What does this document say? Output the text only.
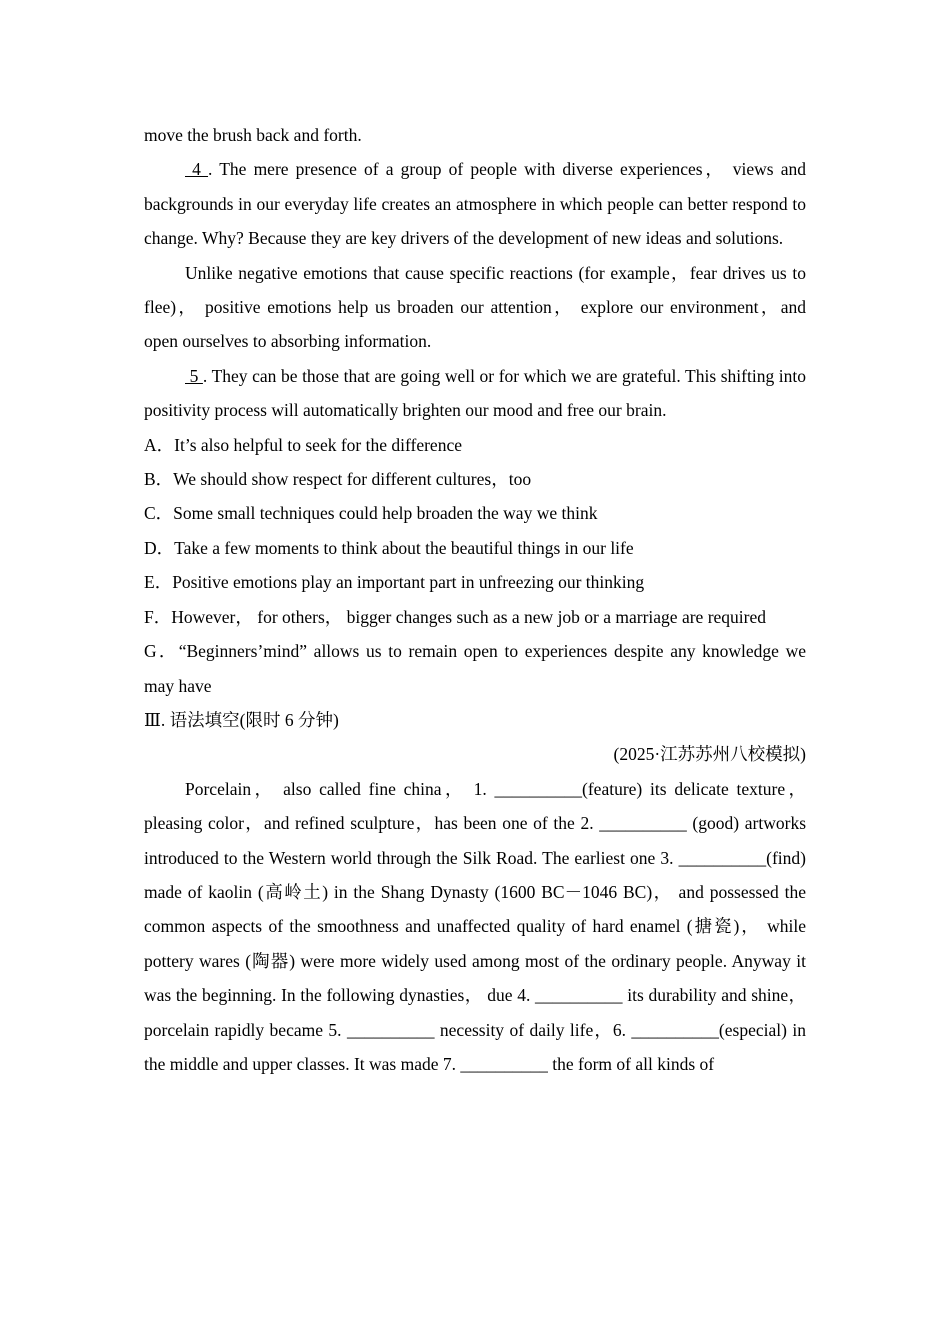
move the brush back and forth.

4 . The mere presence of a group of people with diverse experiences， views and backgrounds in our everyday life creates an atmosphere in which people can better respond to change. Why? Because they are key drivers of the development of new ideas and solutions.

Unlike negative emotions that cause specific reactions (for example，fear drives us to flee)， positive emotions help us broaden our attention， explore our environment，and open ourselves to absorbing information.

5 . They can be those that are going well or for which we are grateful. This shifting into positivity process will automatically brighten our mood and free our brain.

A．It’s also helpful to seek for the difference

B．We should show respect for different cultures，too

C．Some small techniques could help broaden the way we think

D．Take a few moments to think about the beautiful things in our life

E．Positive emotions play an important part in unfreezing our thinking

F．However， for others， bigger changes such as a new job or a marriage are required

G．“Beginners’mind” allows us to remain open to experiences despite any knowledge we may have

Ⅲ. 语法填空(限时 6 分钟)

(2025·江苏苏州八校模拟)

Porcelain， also called fine china， 1. __________(feature) its delicate texture，pleasing color，and refined sculpture，has been one of the 2. __________ (good) artworks introduced to the Western world through the Silk Road. The earliest one 3. __________(find) made of kaolin (高岭土) in the Shang Dynasty (1600 BC－1046 BC)， and possessed the common aspects of the smoothness and unaffected quality of hard enamel (搪瓷)， while pottery wares (陶器) were more widely used among most of the ordinary people. Anyway it was the beginning. In the following dynasties， due 4. __________ its durability and shine， porcelain rapidly became 5. __________ necessity of daily life，6. __________(especial) in the middle and upper classes. It was made 7. __________ the form of all kinds of
